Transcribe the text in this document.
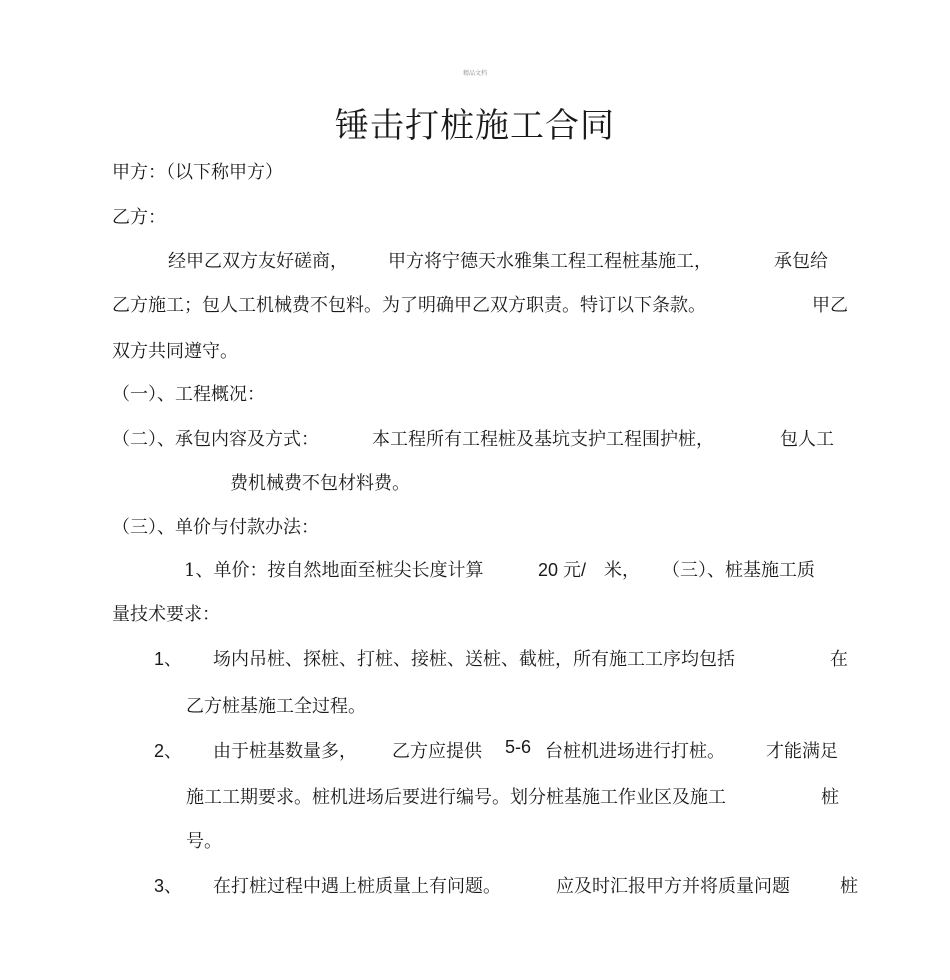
精品文档
锤击打桩施工合同
甲方：（以下称甲方）
乙方：
经甲乙双方友好磋商， 甲方将宁德天水雅集工程工程桩基施工，	承包给
乙方施工；包人工机械费不包料。为了明确甲乙双方职责。特订以下条款。	甲乙
双方共同遵守。
（一）、工程概况：
（二）、承包内容及方式：	本工程所有工程桩及基坑支护工程围护桩，	包人工
费机械费不包材料费。
（三）、单价与付款办法：
1、单价：按自然地面至桩尖长度计算	20 元/ 米， （三）、桩基施工质
量技术要求：
1、 场内吊桩、探桩、打桩、接桩、送桩、截桩，所有施工工序均包括	在
乙方桩基施工全过程。
2、 由于桩基数量多， 乙方应提供 5-6 台桩机进场进行打桩。 才能满足
施工工期要求。桩机进场后要进行编号。划分桩基施工作业区及施工	桩
号。
3、 在打桩过程中遇上桩质量上有问题。	应及时汇报甲方并将质量问题	桩
